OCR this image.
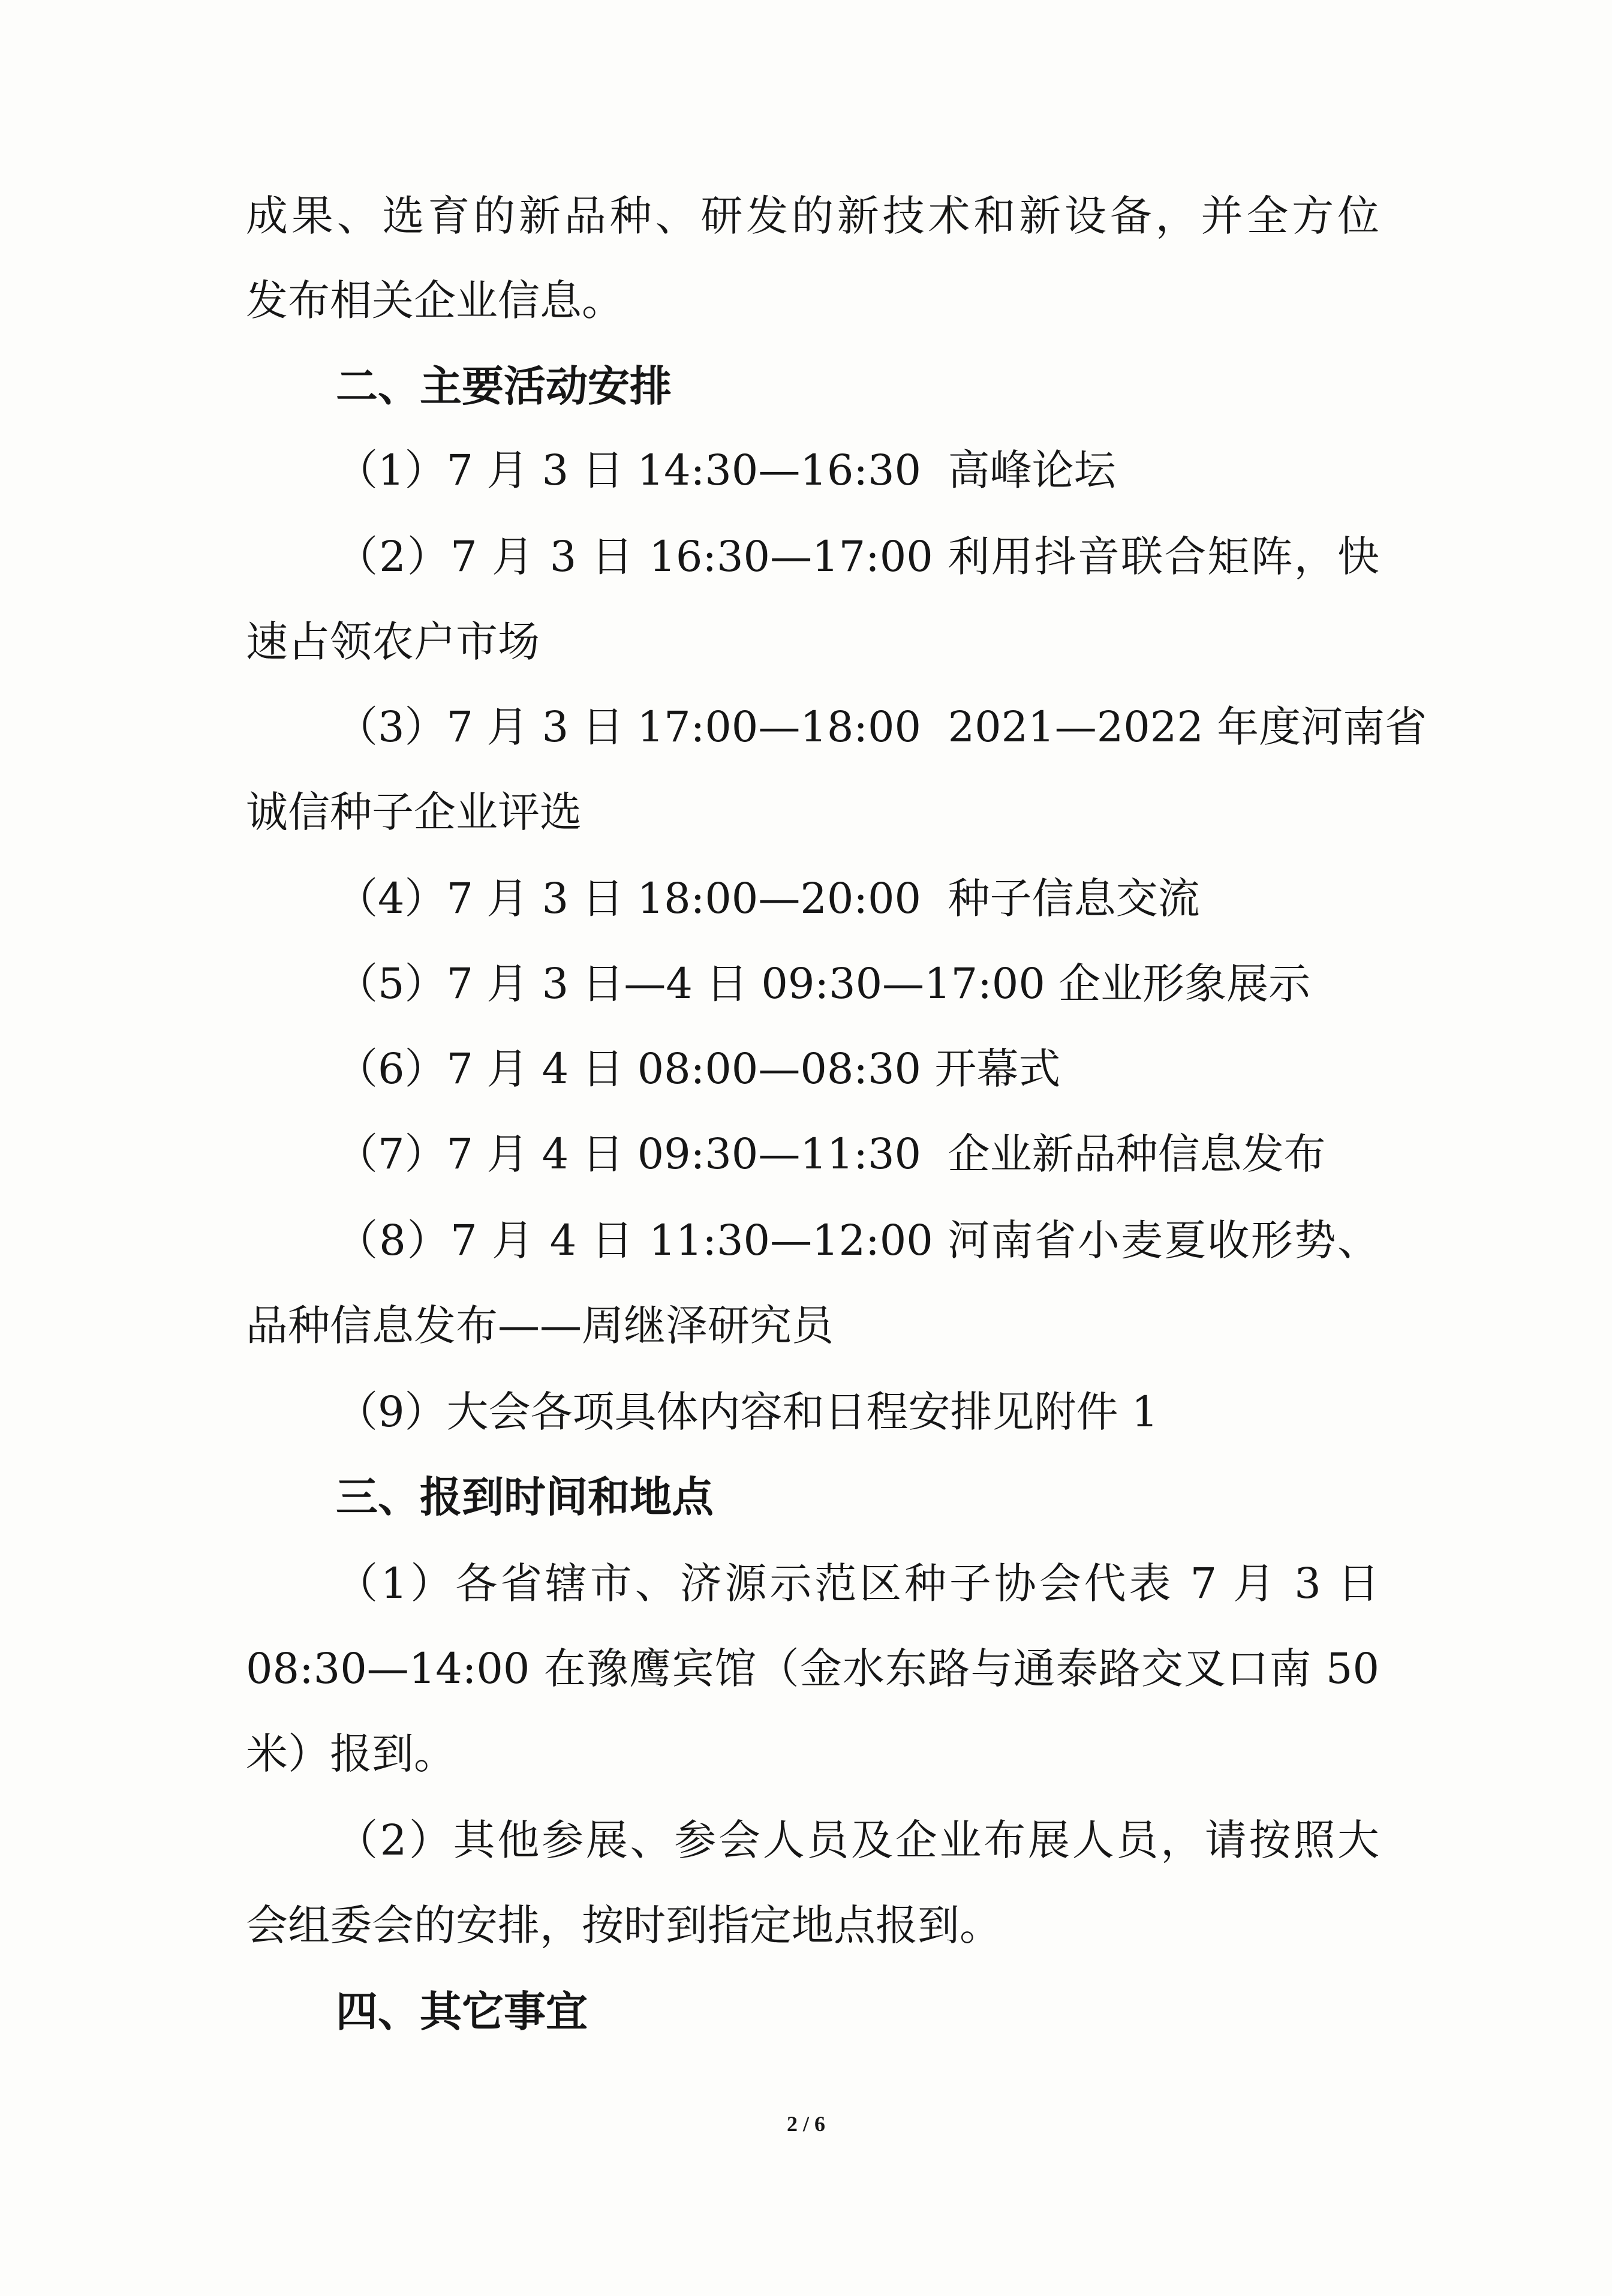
成果、选育的新品种、研发的新技术和新设备，并全方位
发布相关企业信息。
二、主要活动安排
（1）7 月 3 日 14:30—16:30  高峰论坛
（2）7 月 3 日 16:30—17:00 利用抖音联合矩阵，快
速占领农户市场
（3）7 月 3 日 17:00—18:00  2021—2022 年度河南省
诚信种子企业评选
（4）7 月 3 日 18:00—20:00  种子信息交流
（5）7 月 3 日—4 日 09:30—17:00 企业形象展示
（6）7 月 4 日 08:00—08:30 开幕式
（7）7 月 4 日 09:30—11:30  企业新品种信息发布
（8）7 月 4 日 11:30—12:00 河南省小麦夏收形势、
品种信息发布——周继泽研究员
（9）大会各项具体内容和日程安排见附件 1
三、报到时间和地点
（1）各省辖市、济源示范区种子协会代表 7 月 3 日
08:30—14:00 在豫鹰宾馆（金水东路与通泰路交叉口南 50
米）报到。
（2）其他参展、参会人员及企业布展人员，请按照大
会组委会的安排，按时到指定地点报到。
四、其它事宜
2 / 6
